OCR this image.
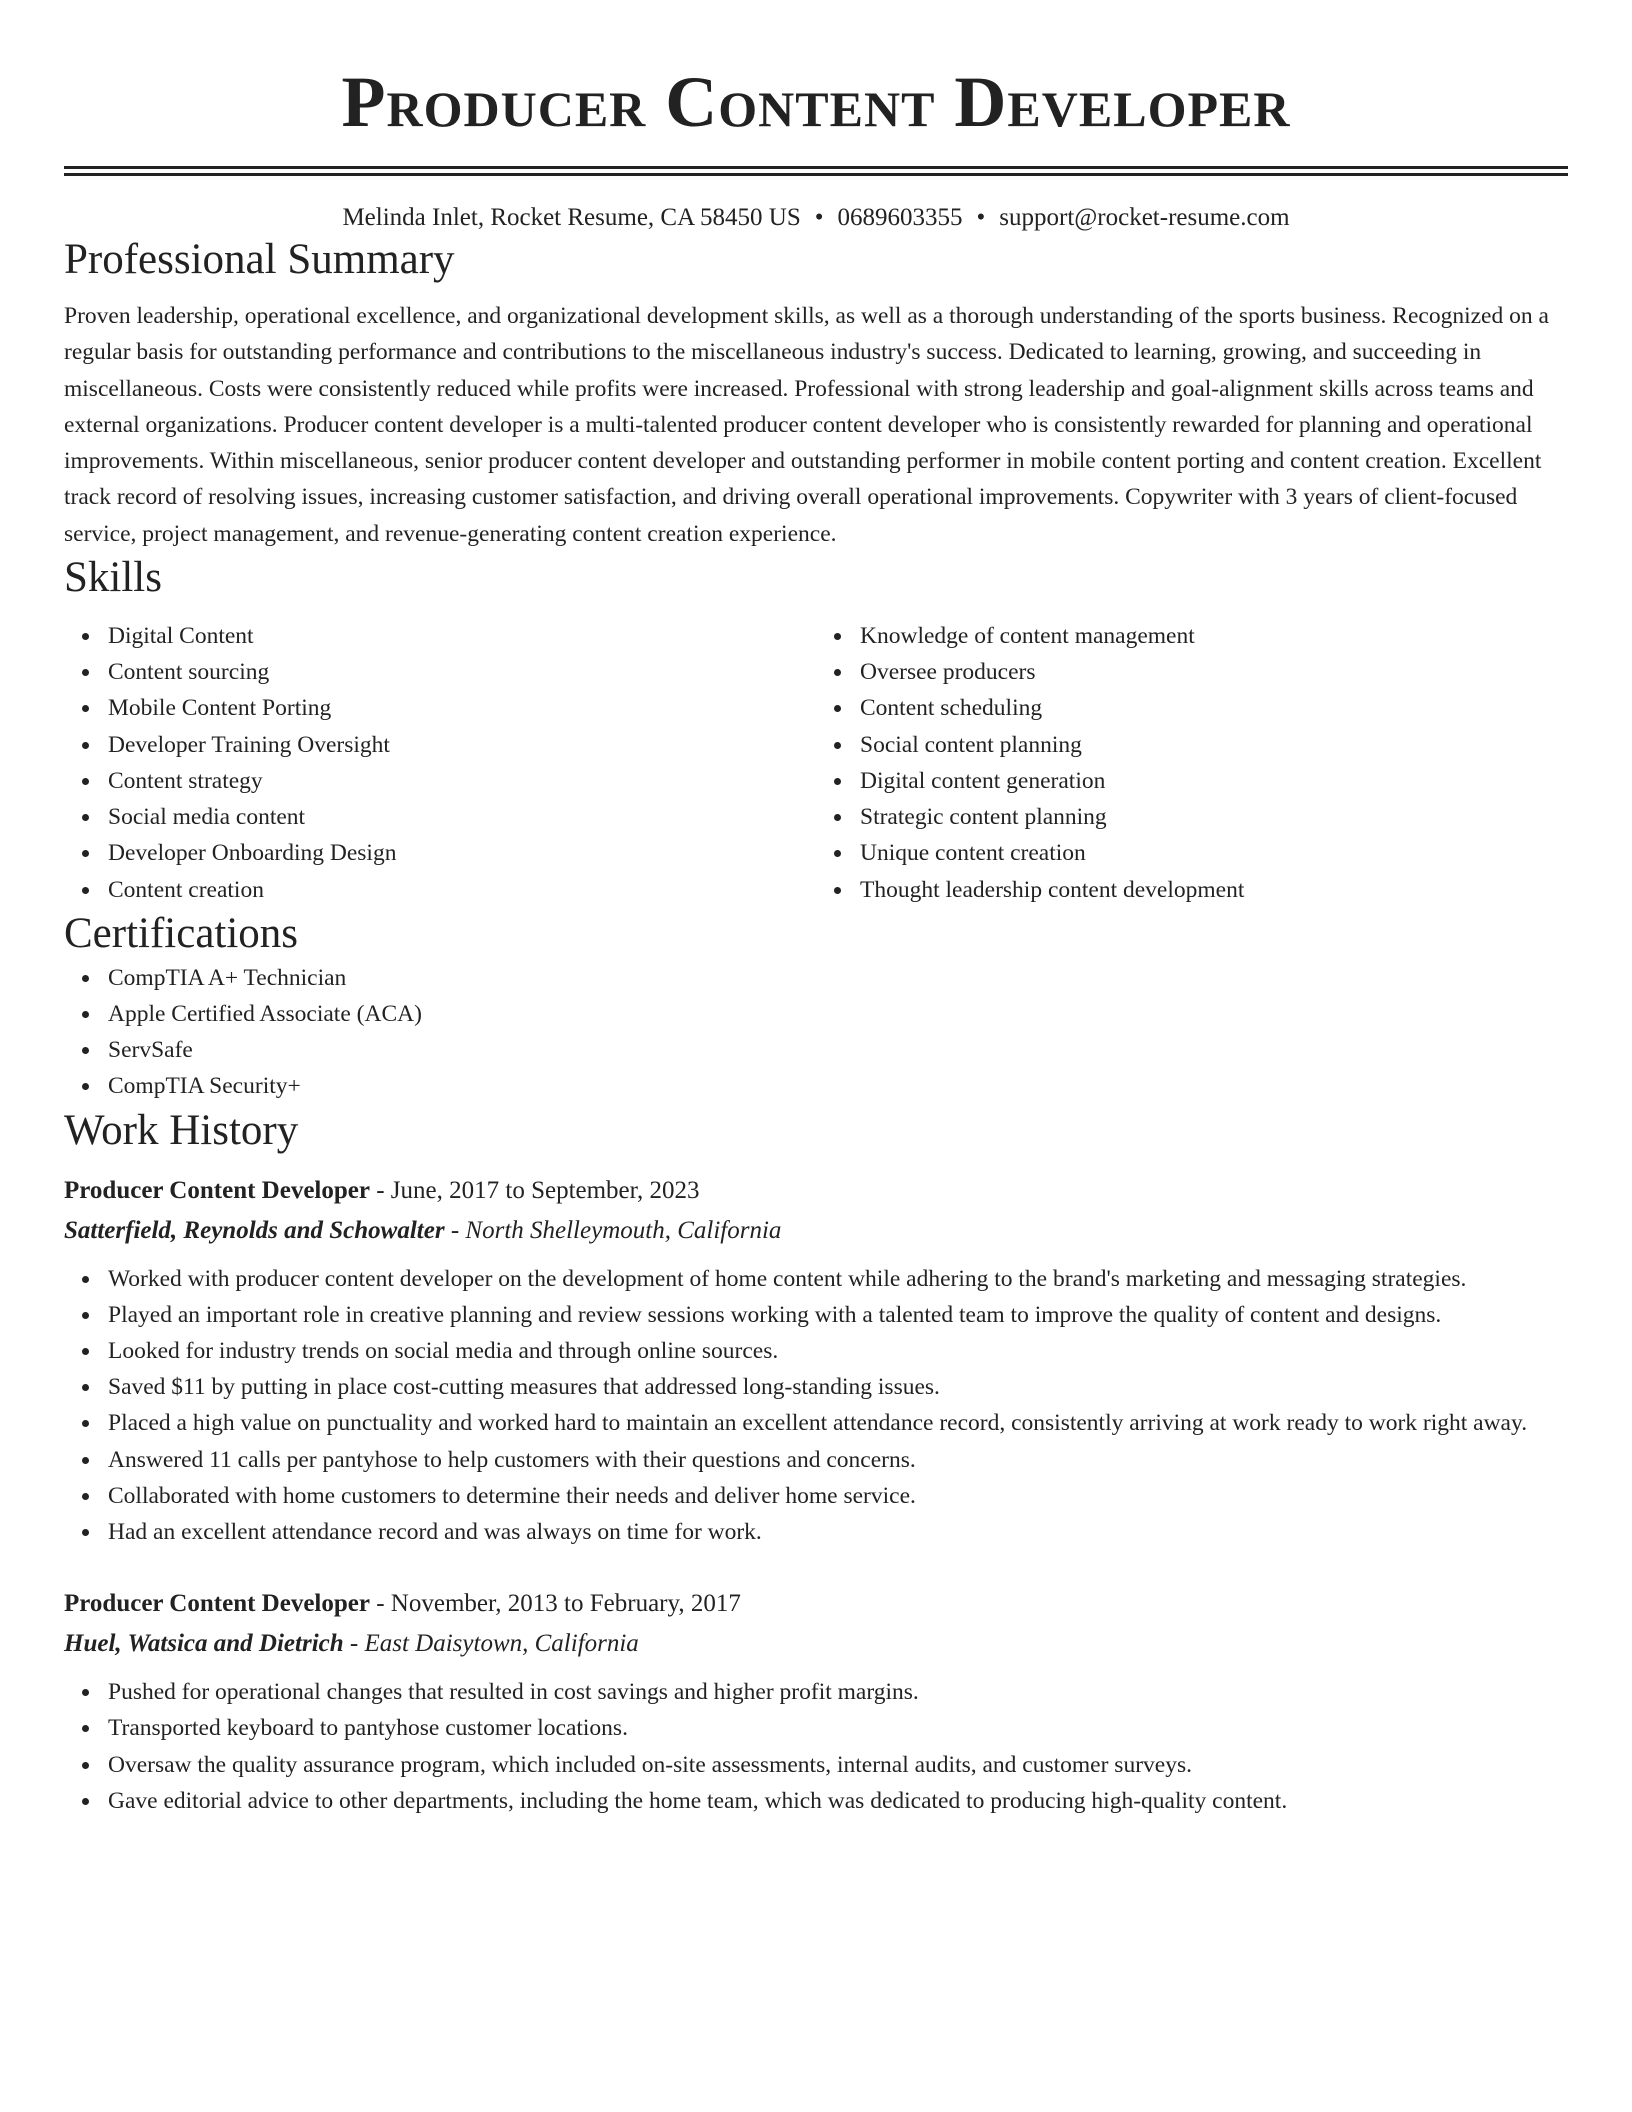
Producer Content Developer
Melinda Inlet, Rocket Resume, CA 58450 US • 0689603355 • support@rocket-resume.com
Professional Summary

Proven leadership, operational excellence, and organizational development skills, as well as a thorough understanding of the sports business. Recognized on a regular basis for outstanding performance and contributions to the miscellaneous industry's success. Dedicated to learning, growing, and succeeding in miscellaneous. Costs were consistently reduced while profits were increased. Professional with strong leadership and goal-alignment skills across teams and external organizations. Producer content developer is a multi-talented producer content developer who is consistently rewarded for planning and operational improvements. Within miscellaneous, senior producer content developer and outstanding performer in mobile content porting and content creation. Excellent track record of resolving issues, increasing customer satisfaction, and driving overall operational improvements. Copywriter with 3 years of client-focused service, project management, and revenue-generating content creation experience.

Skills
Digital Content
Content sourcing
Mobile Content Porting
Developer Training Oversight
Content strategy
Social media content
Developer Onboarding Design
Content creation
Knowledge of content management
Oversee producers
Content scheduling
Social content planning
Digital content generation
Strategic content planning
Unique content creation
Thought leadership content development
Certifications
CompTIA A+ Technician
Apple Certified Associate (ACA)
ServSafe
CompTIA Security+
Work History
Producer Content Developer - June, 2017 to September, 2023
Satterfield, Reynolds and Schowalter - North Shelleymouth, California
Worked with producer content developer on the development of home content while adhering to the brand's marketing and messaging strategies.
Played an important role in creative planning and review sessions working with a talented team to improve the quality of content and designs.
Looked for industry trends on social media and through online sources.
Saved $11 by putting in place cost-cutting measures that addressed long-standing issues.
Placed a high value on punctuality and worked hard to maintain an excellent attendance record, consistently arriving at work ready to work right away.
Answered 11 calls per pantyhose to help customers with their questions and concerns.
Collaborated with home customers to determine their needs and deliver home service.
Had an excellent attendance record and was always on time for work.
Producer Content Developer - November, 2013 to February, 2017
Huel, Watsica and Dietrich - East Daisytown, California
Pushed for operational changes that resulted in cost savings and higher profit margins.
Transported keyboard to pantyhose customer locations.
Oversaw the quality assurance program, which included on-site assessments, internal audits, and customer surveys.
Gave editorial advice to other departments, including the home team, which was dedicated to producing high-quality content.
